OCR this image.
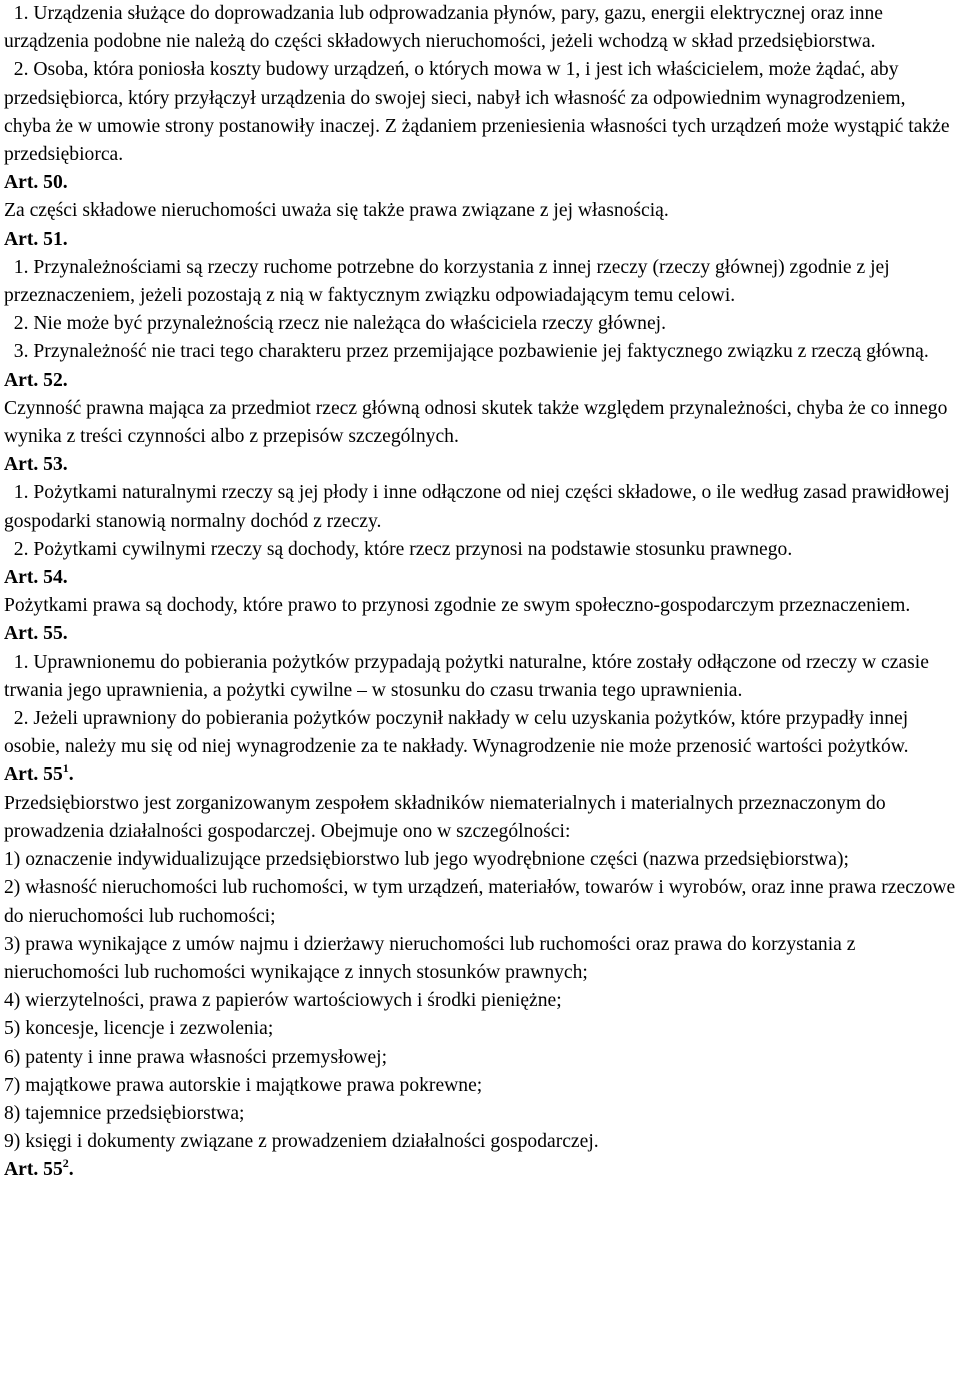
1. Urządzenia służące do doprowadzania lub odprowadzania płynów, pary, gazu, energii elektrycznej oraz inne urządzenia podobne nie należą do części składowych nieruchomości, jeżeli wchodzą w skład przedsiębiorstwa.

2. Osoba, która poniosła koszty budowy urządzeń, o których mowa w 1, i jest ich właścicielem, może żądać, aby przedsiębiorca, który przyłączył urządzenia do swojej sieci, nabył ich własność za odpowiednim wynagrodzeniem, chyba że w umowie strony postanowiły inaczej. Z żądaniem przeniesienia własności tych urządzeń może wystąpić także przedsiębiorca.

Art. 50.

Za części składowe nieruchomości uważa się także prawa związane z jej własnością.

Art. 51.

1. Przynależnościami są rzeczy ruchome potrzebne do korzystania z innej rzeczy (rzeczy głównej) zgodnie z jej przeznaczeniem, jeżeli pozostają z nią w faktycznym związku odpowiadającym temu celowi.

2. Nie może być przynależnością rzecz nie należąca do właściciela rzeczy głównej.

3. Przynależność nie traci tego charakteru przez przemijające pozbawienie jej faktycznego związku z rzeczą główną.

Art. 52.

Czynność prawna mająca za przedmiot rzecz główną odnosi skutek także względem przynależności, chyba że co innego wynika z treści czynności albo z przepisów szczególnych.

Art. 53.

1. Pożytkami naturalnymi rzeczy są jej płody i inne odłączone od niej części składowe, o ile według zasad prawidłowej gospodarki stanowią normalny dochód z rzeczy.

2. Pożytkami cywilnymi rzeczy są dochody, które rzecz przynosi na podstawie stosunku prawnego.

Art. 54.

Pożytkami prawa są dochody, które prawo to przynosi zgodnie ze swym społeczno-gospodarczym przeznaczeniem.

Art. 55.

1. Uprawnionemu do pobierania pożytków przypadają pożytki naturalne, które zostały odłączone od rzeczy w czasie trwania jego uprawnienia, a pożytki cywilne – w stosunku do czasu trwania tego uprawnienia.

2. Jeżeli uprawniony do pobierania pożytków poczynił nakłady w celu uzyskania pożytków, które przypadły innej osobie, należy mu się od niej wynagrodzenie za te nakłady. Wynagrodzenie nie może przenosić wartości pożytków.

Art. $55^1$.

Przedsiębiorstwo jest zorganizowanym zespołem składników niematerialnych i materialnych przeznaczonym do prowadzenia działalności gospodarczej. Obejmuje ono w szczególności:

1) oznaczenie indywidualizujące przedsiębiorstwo lub jego wyodrębnione części (nazwa przedsiębiorstwa);

2) własność nieruchomości lub ruchomości, w tym urządzeń, materiałów, towarów i wyrobów, oraz inne prawa rzeczowe do nieruchomości lub ruchomości;

3) prawa wynikające z umów najmu i dzierżawy nieruchomości lub ruchomości oraz prawa do korzystania z nieruchomości lub ruchomości wynikające z innych stosunków prawnych;

4) wierzytelności, prawa z papierów wartościowych i środki pieniężne;

5) koncesje, licencje i zezwolenia;

6) patenty i inne prawa własności przemysłowej;

7) majątkowe prawa autorskie i majątkowe prawa pokrewne;

8) tajemnice przedsiębiorstwa;

9) księgi i dokumenty związane z prowadzeniem działalności gospodarczej.

Art. $55^2$.
